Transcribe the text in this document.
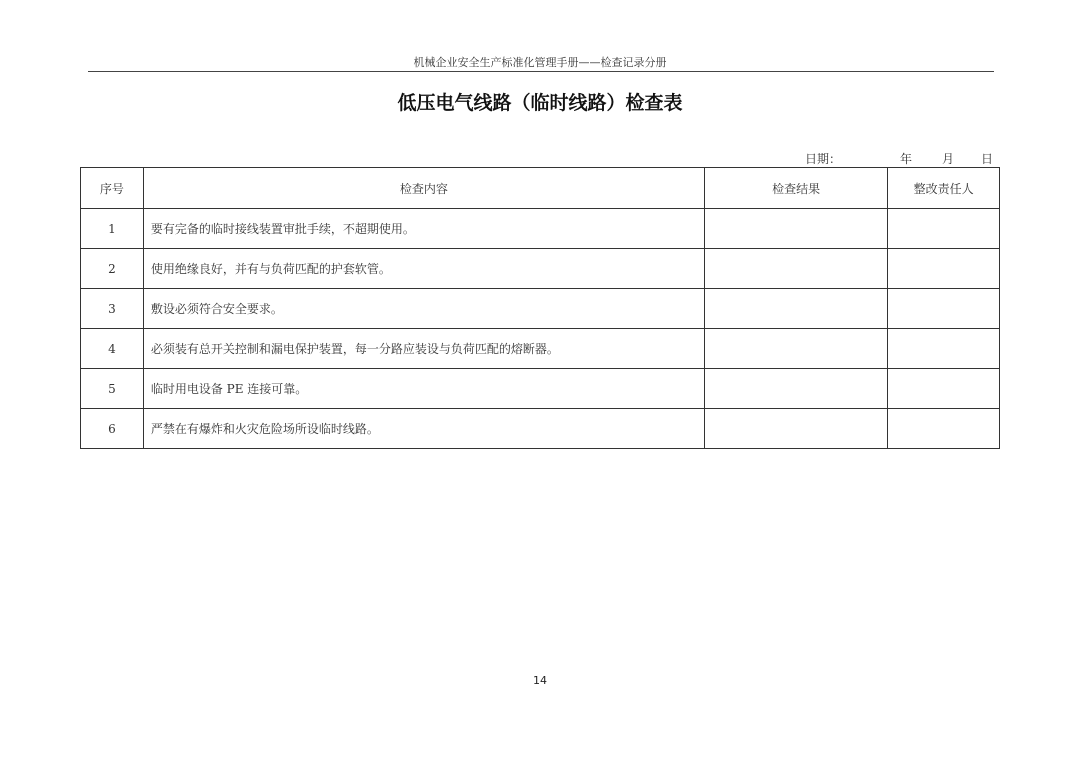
机械企业安全生产标准化管理手册——检查记录分册
低压电气线路（临时线路）检查表
日期：	年 月 日
序号	检查内容	检查结果	整改责任人
1	要有完备的临时接线装置审批手续，不超期使用。		
2	使用绝缘良好，并有与负荷匹配的护套软管。		
3	敷设必须符合安全要求。		
4	必须装有总开关控制和漏电保护装置，每一分路应装设与负荷匹配的熔断器。		
5	临时用电设备 PE 连接可靠。		
6	严禁在有爆炸和火灾危险场所设临时线路。		
14
